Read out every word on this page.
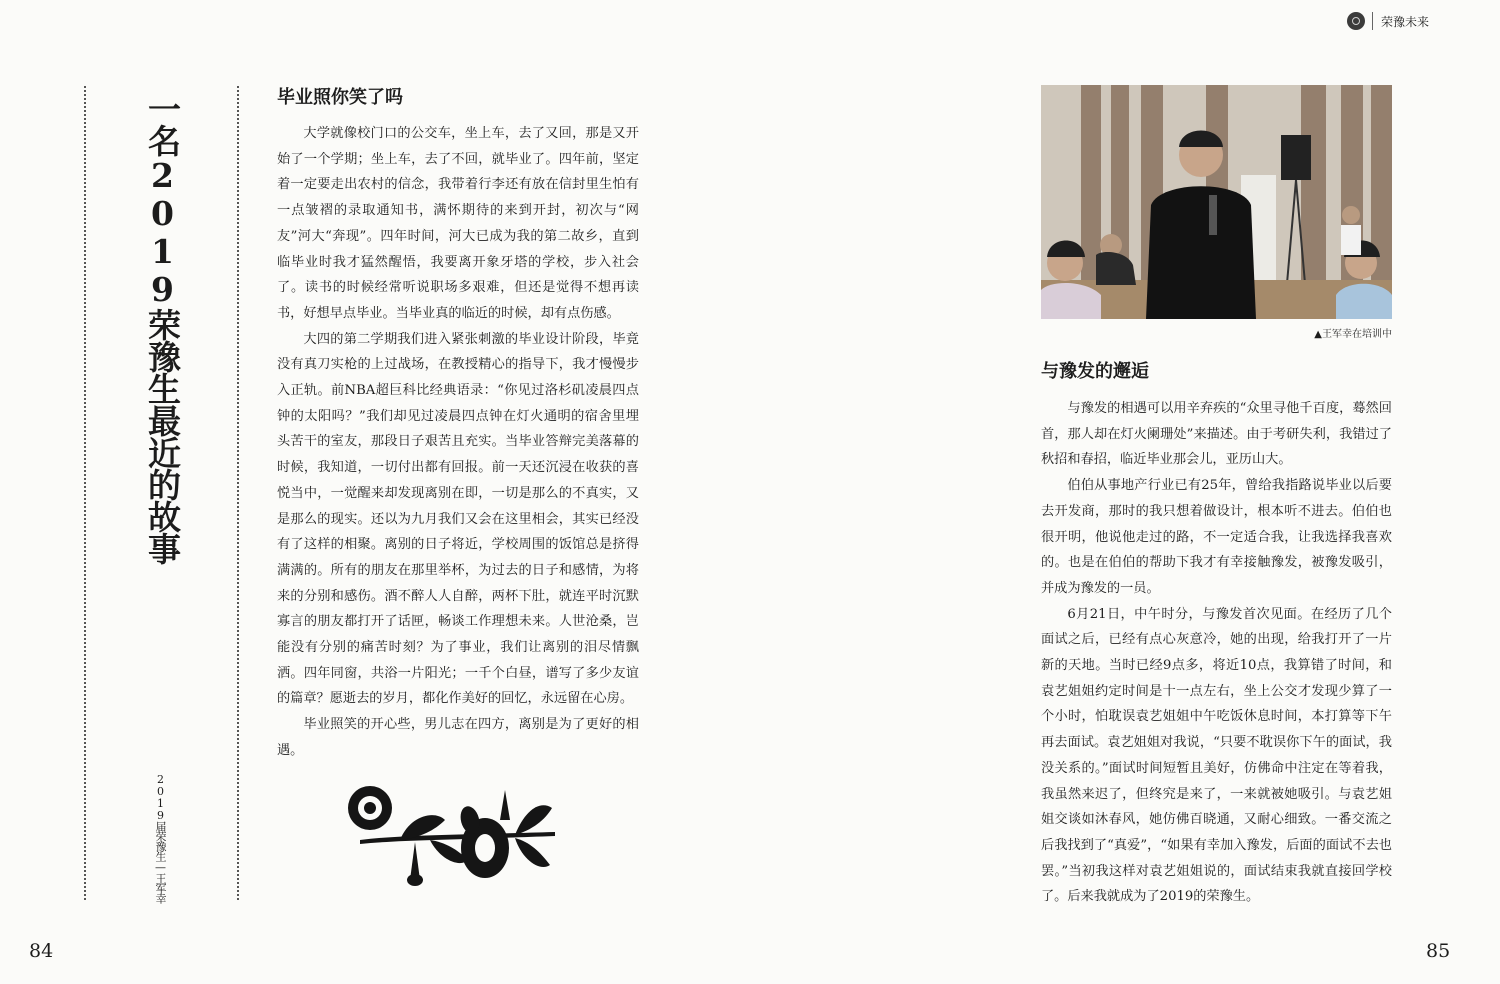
荣豫未来
一名2019荣豫生最近的故事
2019届荣豫生—王军幸
毕业照你笑了吗

大学就像校门口的公交车，坐上车，去了又回，那是又开始了一个学期；坐上车，去了不回，就毕业了。四年前，坚定着一定要走出农村的信念，我带着行李还有放在信封里生怕有一点皱褶的录取通知书，满怀期待的来到开封，初次与“网友”河大“奔现”。四年时间，河大已成为我的第二故乡，直到临毕业时我才猛然醒悟，我要离开象牙塔的学校，步入社会了。读书的时候经常听说职场多艰难，但还是觉得不想再读书，好想早点毕业。当毕业真的临近的时候，却有点伤感。

大四的第二学期我们进入紧张刺激的毕业设计阶段，毕竟没有真刀实枪的上过战场，在教授精心的指导下，我才慢慢步入正轨。前NBA超巨科比经典语录：“你见过洛杉矶凌晨四点钟的太阳吗？”我们却见过凌晨四点钟在灯火通明的宿舍里埋头苦干的室友，那段日子艰苦且充实。当毕业答辩完美落幕的时候，我知道，一切付出都有回报。前一天还沉浸在收获的喜悦当中，一觉醒来却发现离别在即，一切是那么的不真实，又是那么的现实。还以为九月我们又会在这里相会，其实已经没有了这样的相聚。离别的日子将近，学校周围的饭馆总是挤得满满的。所有的朋友在那里举杯，为过去的日子和感情，为将来的分别和感伤。酒不醉人人自醉，两杯下肚，就连平时沉默寡言的朋友都打开了话匣，畅谈工作理想未来。人世沧桑，岂能没有分别的痛苦时刻？为了事业，我们让离别的泪尽情飘洒。四年同窗，共浴一片阳光；一千个白昼，谱写了多少友谊的篇章？愿逝去的岁月，都化作美好的回忆，永远留在心房。

毕业照笑的开心些，男儿志在四方，离别是为了更好的相遇。

▲王军幸在培训中
与豫发的邂逅

与豫发的相遇可以用辛弃疾的“众里寻他千百度，蓦然回首，那人却在灯火阑珊处”来描述。由于考研失利，我错过了秋招和春招，临近毕业那会儿，亚历山大。

伯伯从事地产行业已有25年，曾给我指路说毕业以后要去开发商，那时的我只想着做设计，根本听不进去。伯伯也很开明，他说他走过的路，不一定适合我，让我选择我喜欢的。也是在伯伯的帮助下我才有幸接触豫发，被豫发吸引，并成为豫发的一员。

6月21日，中午时分，与豫发首次见面。在经历了几个面试之后，已经有点心灰意冷，她的出现，给我打开了一片新的天地。当时已经9点多，将近10点，我算错了时间，和袁艺姐姐约定时间是十一点左右，坐上公交才发现少算了一个小时，怕耽误袁艺姐姐中午吃饭休息时间，本打算等下午再去面试。袁艺姐姐对我说，“只要不耽误你下午的面试，我没关系的。”面试时间短暂且美好，仿佛命中注定在等着我，我虽然来迟了，但终究是来了，一来就被她吸引。与袁艺姐姐交谈如沐春风，她仿佛百晓通，又耐心细致。一番交流之后我找到了“真爱”，“如果有幸加入豫发，后面的面试不去也罢。”当初我这样对袁艺姐姐说的，面试结束我就直接回学校了。后来我就成为了2019的荣豫生。

84	85
